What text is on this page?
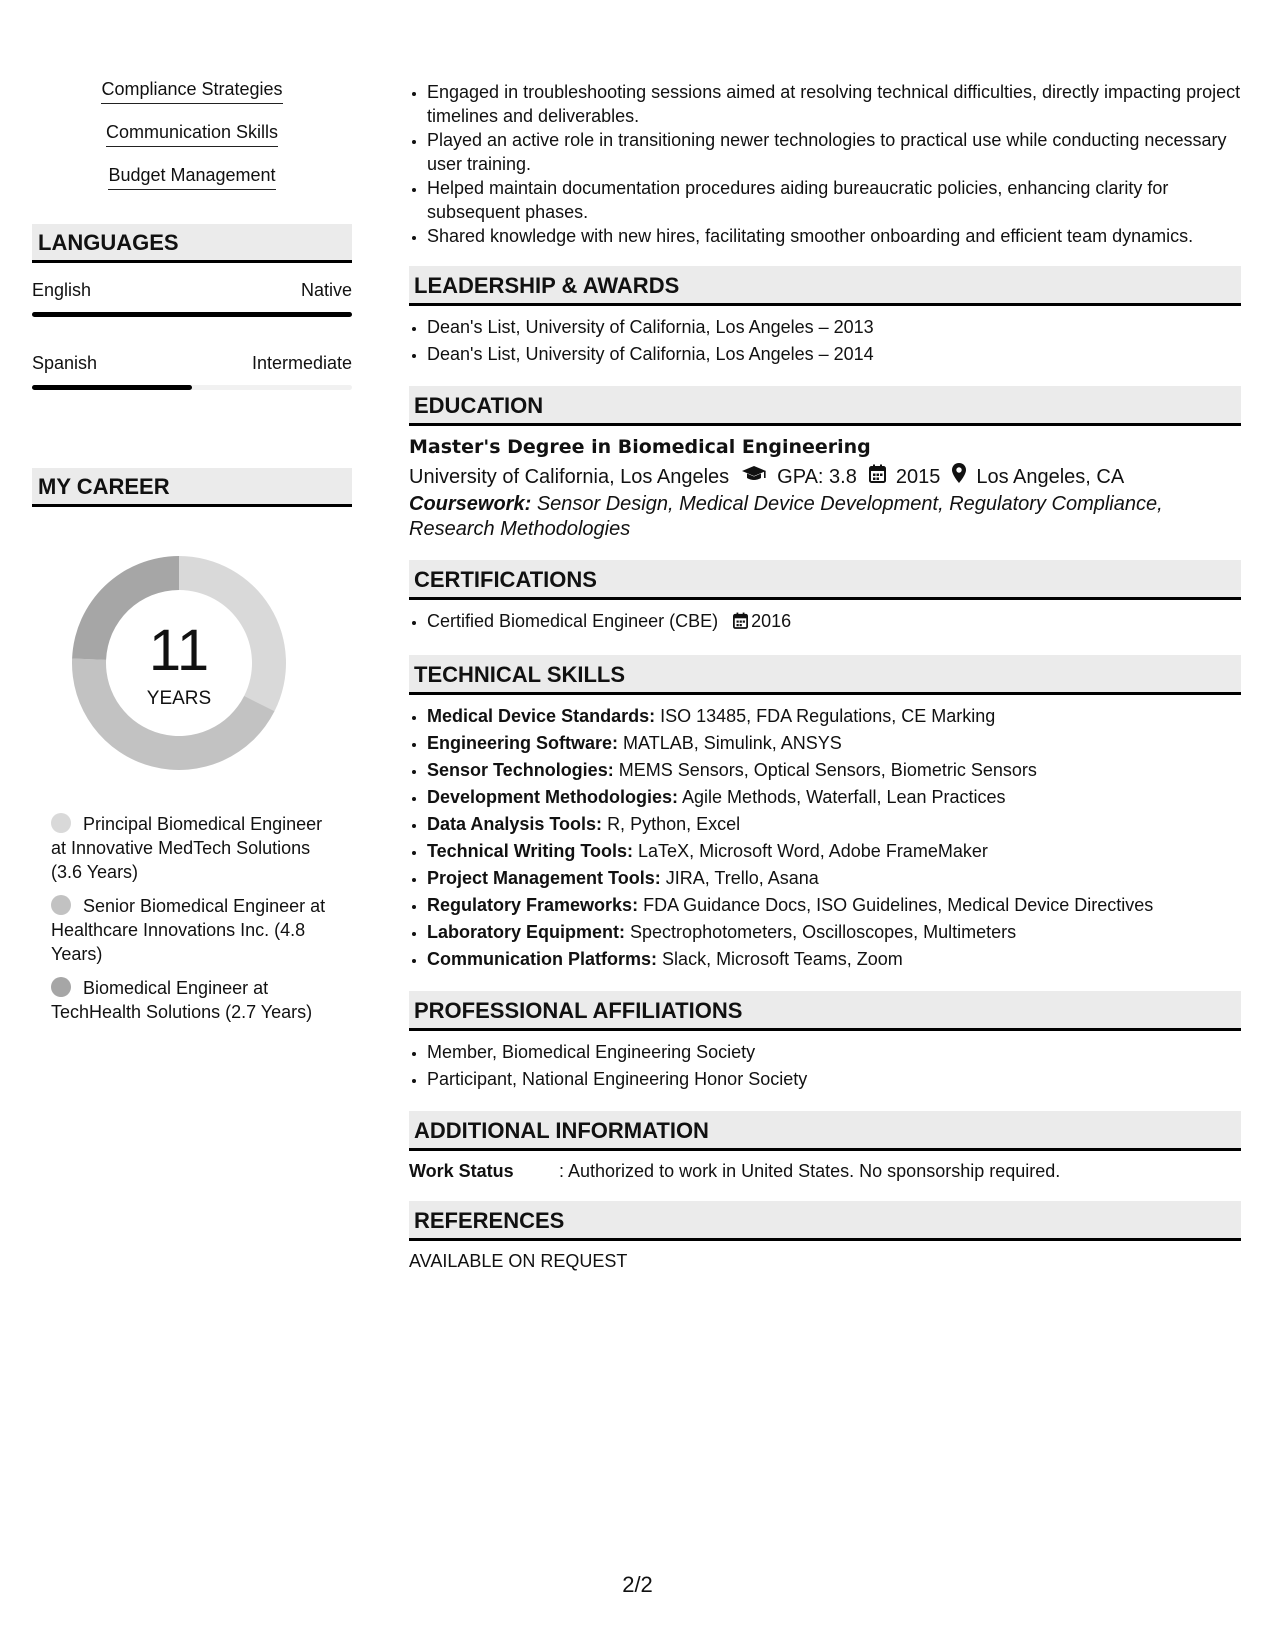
Compliance Strategies
Communication Skills
Budget Management
LANGUAGES
English	Native
Spanish	Intermediate
MY CAREER
11
YEARS
Principal Biomedical Engineer at Innovative MedTech Solutions (3.6 Years)
Senior Biomedical Engineer at Healthcare Innovations Inc. (4.8 Years)
Biomedical Engineer at TechHealth Solutions (2.7 Years)
• Engaged in troubleshooting sessions aimed at resolving technical difficulties, directly impacting project timelines and deliverables.
• Played an active role in transitioning newer technologies to practical use while conducting necessary user training.
• Helped maintain documentation procedures aiding bureaucratic policies, enhancing clarity for subsequent phases.
• Shared knowledge with new hires, facilitating smoother onboarding and efficient team dynamics.
LEADERSHIP & AWARDS
• Dean's List, University of California, Los Angeles – 2013
• Dean's List, University of California, Los Angeles – 2014
EDUCATION
Master's Degree in Biomedical Engineering
University of California, Los Angeles GPA: 3.8 2015 Los Angeles, CA
Coursework: Sensor Design, Medical Device Development, Regulatory Compliance, Research Methodologies
CERTIFICATIONS
• Certified Biomedical Engineer (CBE) 2016
TECHNICAL SKILLS
• Medical Device Standards: ISO 13485, FDA Regulations, CE Marking
• Engineering Software: MATLAB, Simulink, ANSYS
• Sensor Technologies: MEMS Sensors, Optical Sensors, Biometric Sensors
• Development Methodologies: Agile Methods, Waterfall, Lean Practices
• Data Analysis Tools: R, Python, Excel
• Technical Writing Tools: LaTeX, Microsoft Word, Adobe FrameMaker
• Project Management Tools: JIRA, Trello, Asana
• Regulatory Frameworks: FDA Guidance Docs, ISO Guidelines, Medical Device Directives
• Laboratory Equipment: Spectrophotometers, Oscilloscopes, Multimeters
• Communication Platforms: Slack, Microsoft Teams, Zoom
PROFESSIONAL AFFILIATIONS
• Member, Biomedical Engineering Society
• Participant, National Engineering Honor Society
ADDITIONAL INFORMATION
Work Status	: Authorized to work in United States. No sponsorship required.
REFERENCES
AVAILABLE ON REQUEST
2/2
